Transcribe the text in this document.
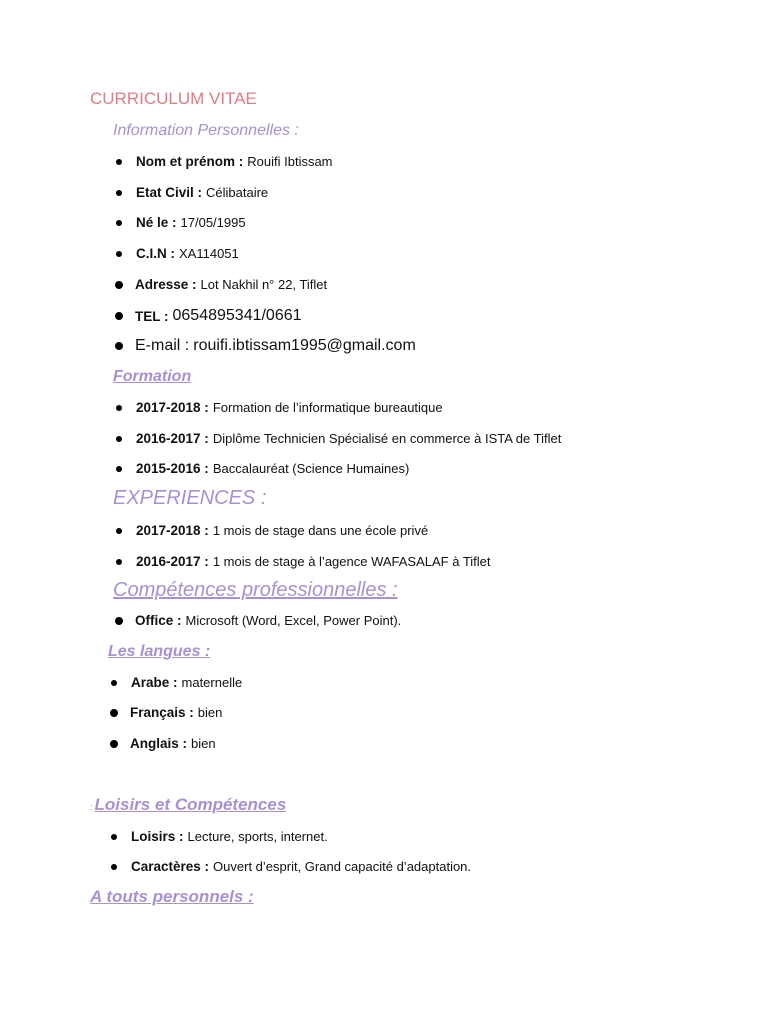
CURRICULUM VITAE
Information Personnelles :
Nom et prénom : Rouifi Ibtissam
Etat Civil : Célibataire
Né le : 17/05/1995
C.I.N : XA114051
Adresse : Lot Nakhil n° 22, Tiflet
TEL : 0654895341/0661
E-mail : rouifi.ibtissam1995@gmail.com
Formation
2017-2018 : Formation de l’informatique bureautique
2016-2017 : Diplôme Technicien Spécialisé en commerce à ISTA de Tiflet
2015-2016 : Baccalauréat (Science Humaines)
EXPERIENCES :
2017-2018 : 1 mois de stage dans une école privé
2016-2017 : 1 mois de stage à l’agence WAFASALAF à Tiflet
Compétences professionnelles :
Office : Microsoft (Word, Excel, Power Point).
Les langues :
Arabe : maternelle
Français : bien
Anglais : bien
: Loisirs et Compétences
Loisirs : Lecture, sports, internet.
Caractères : Ouvert d’esprit, Grand capacité d’adaptation.
A touts personnels :
